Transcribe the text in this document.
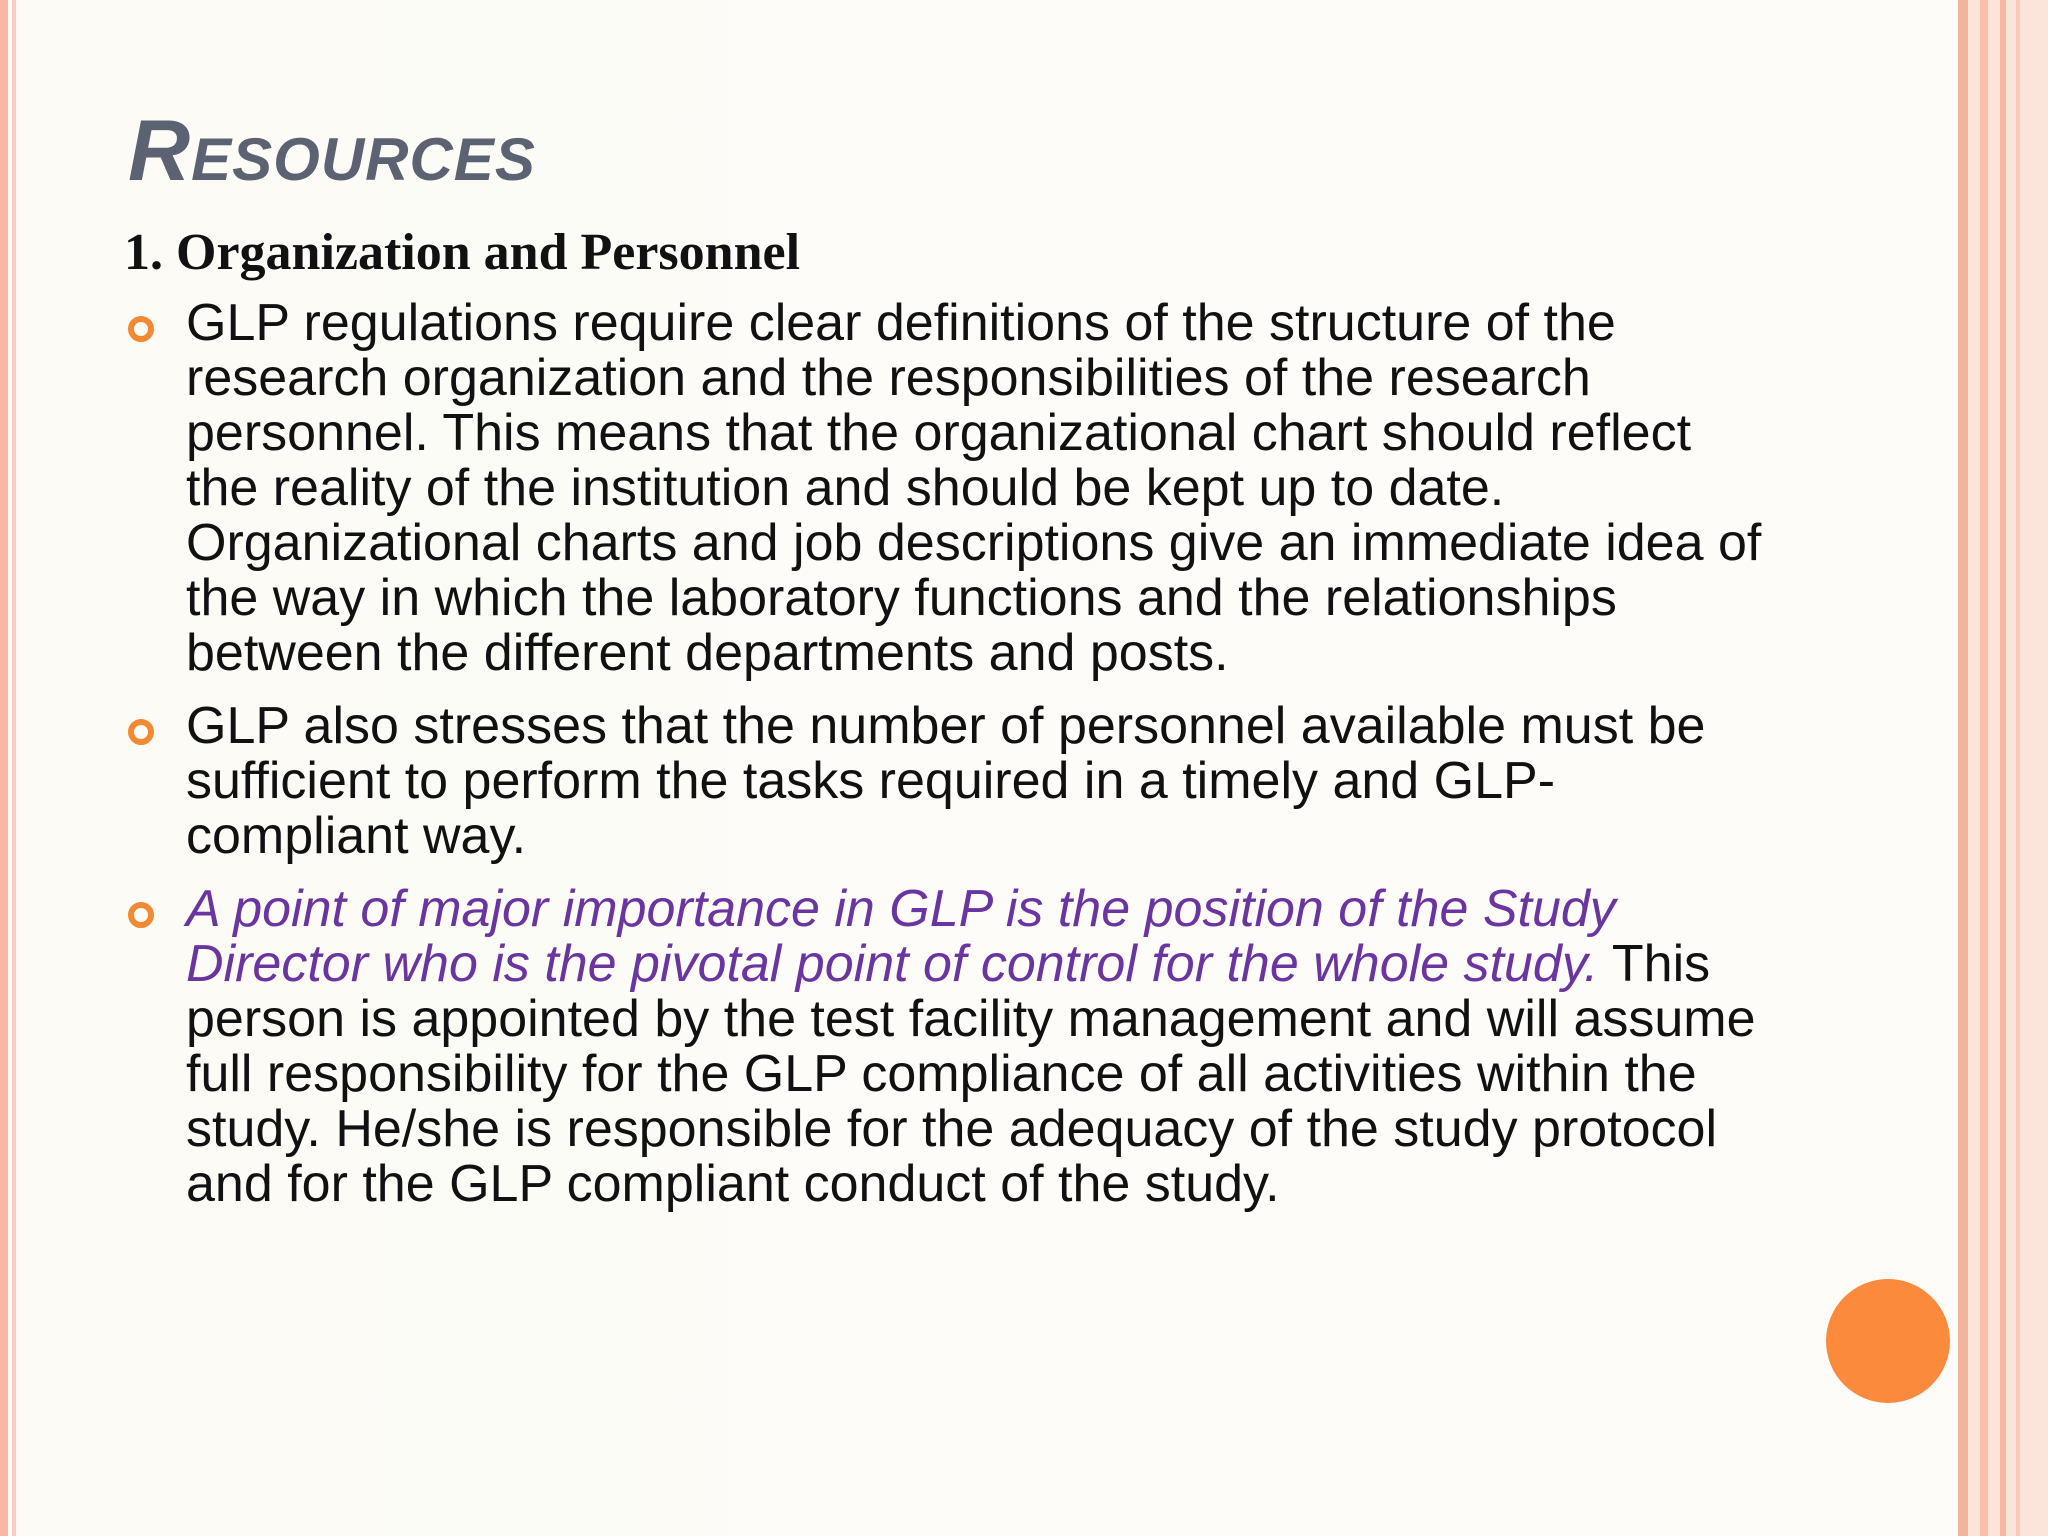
Resources
1. Organization and Personnel
GLP regulations require clear definitions of the structure of the research organization and the responsibilities of the research personnel. This means that the organizational chart should reflect the reality of the institution and should be kept up to date. Organizational charts and job descriptions give an immediate idea of the way in which the laboratory functions and the relationships between the different departments and posts.
GLP also stresses that the number of personnel available must be sufficient to perform the tasks required in a timely and GLP-compliant way.
A point of major importance in GLP is the position of the Study Director who is the pivotal point of control for the whole study. This person is appointed by the test facility management and will assume full responsibility for the GLP compliance of all activities within the study. He/she is responsible for the adequacy of the study protocol and for the GLP compliant conduct of the study.
